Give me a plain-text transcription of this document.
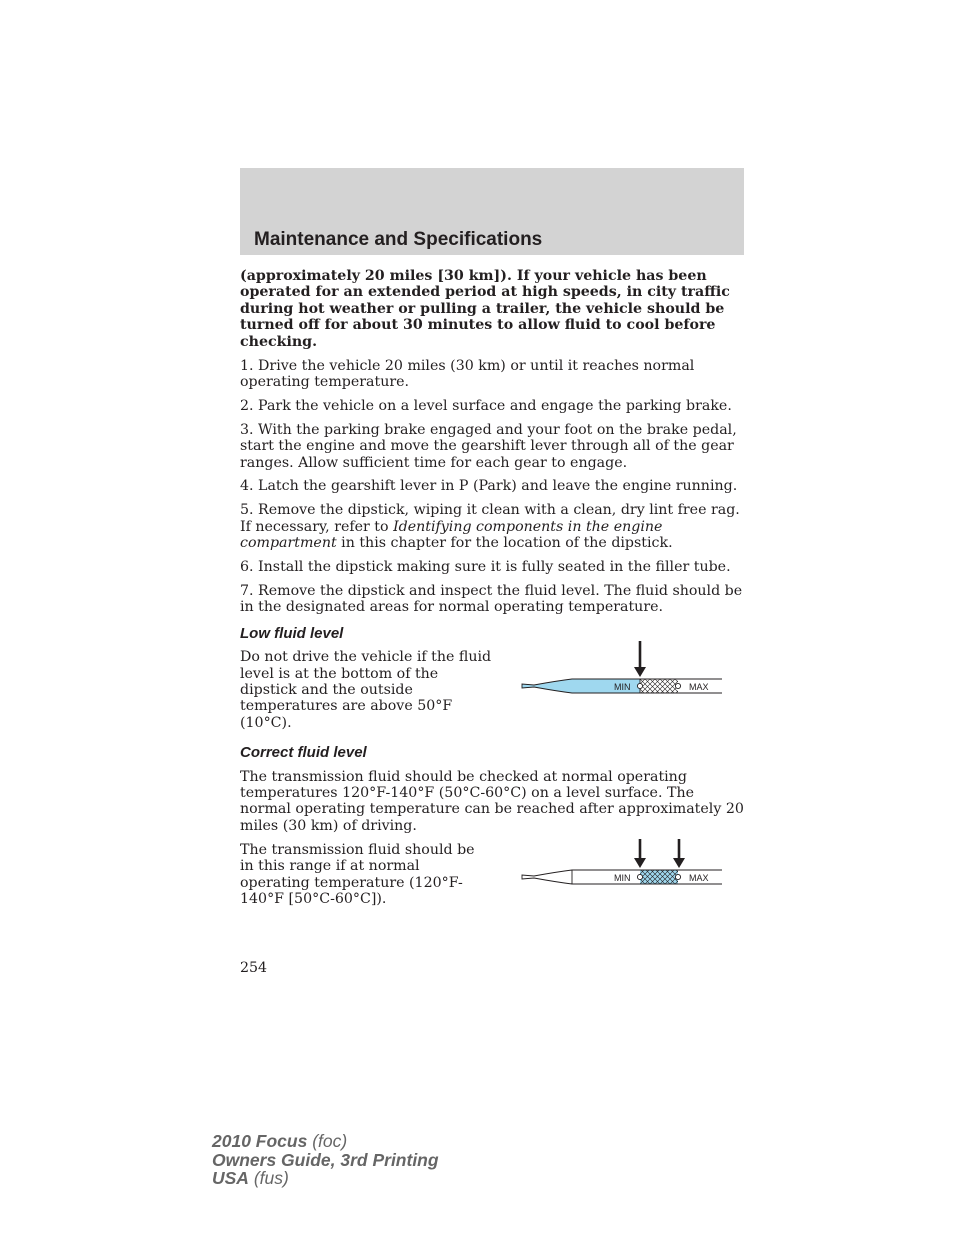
Maintenance and Specifications

(approximately 20 miles [30 km]). If your vehicle has been operated for an extended period at high speeds, in city traffic during hot weather or pulling a trailer, the vehicle should be turned off for about 30 minutes to allow fluid to cool before checking.

1. Drive the vehicle 20 miles (30 km) or until it reaches normal operating temperature.

2. Park the vehicle on a level surface and engage the parking brake.

3. With the parking brake engaged and your foot on the brake pedal, start the engine and move the gearshift lever through all of the gear ranges. Allow sufficient time for each gear to engage.

4. Latch the gearshift lever in P (Park) and leave the engine running.

5. Remove the dipstick, wiping it clean with a clean, dry lint free rag. If necessary, refer to Identifying components in the engine compartment in this chapter for the location of the dipstick.

6. Install the dipstick making sure it is fully seated in the filler tube.

7. Remove the dipstick and inspect the fluid level. The fluid should be in the designated areas for normal operating temperature.

Low fluid level

Do not drive the vehicle if the fluid level is at the bottom of the dipstick and the outside temperatures are above 50°F (10°C).

MIN	MAX
Correct fluid level

The transmission fluid should be checked at normal operating temperatures 120°F-140°F (50°C-60°C) on a level surface. The normal operating temperature can be reached after approximately 20 miles (30 km) of driving.

The transmission fluid should be in this range if at normal operating temperature (120°F-140°F [50°C-60°C]).

MIN	MAX
254
2010 Focus (foc)
Owners Guide, 3rd Printing
USA (fus)
